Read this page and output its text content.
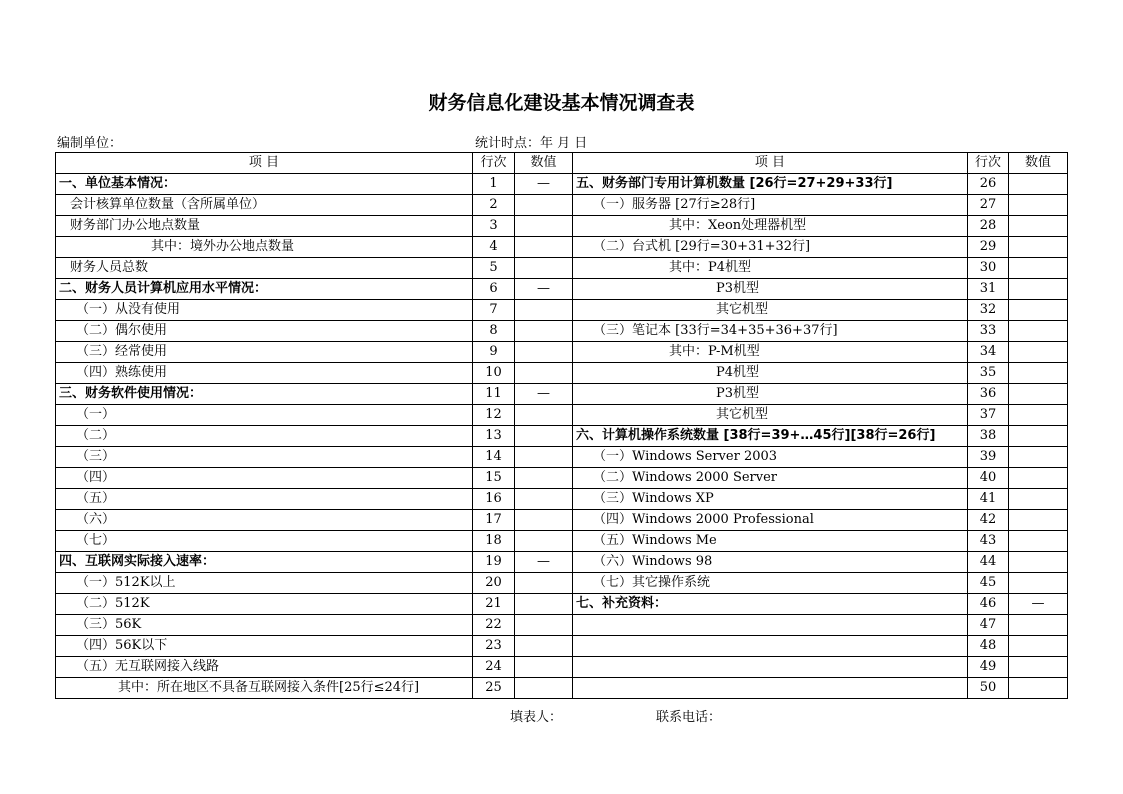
财务信息化建设基本情况调查表
编制单位：	统计时点：年 月 日
项 目	行次	数值	项 目	行次	数值
一、单位基本情况：	1	—	五、财务部门专用计算机数量 [26行=27+29+33行]	26	
会计核算单位数量（含所属单位）	2		（一）服务器 [27行≥28行]	27	
财务部门办公地点数量	3		其中：Xeon处理器机型	28	
其中：境外办公地点数量	4		（二）台式机 [29行=30+31+32行]	29	
财务人员总数	5		其中：P4机型	30	
二、财务人员计算机应用水平情况：	6	—	P3机型	31	
（一）从没有使用	7		其它机型	32	
（二）偶尔使用	8		（三）笔记本 [33行=34+35+36+37行]	33	
（三）经常使用	9		其中：P-M机型	34	
（四）熟练使用	10		P4机型	35	
三、财务软件使用情况：	11	—	P3机型	36	
（一）	12		其它机型	37	
（二）	13		六、计算机操作系统数量 [38行=39+…45行][38行=26行]	38	
（三）	14		（一）Windows Server 2003	39	
（四）	15		（二）Windows 2000 Server	40	
（五）	16		（三）Windows XP	41	
（六）	17		（四）Windows 2000 Professional	42	
（七）	18		（五）Windows Me	43	
四、互联网实际接入速率：	19	—	（六）Windows 98	44	
（一）512K以上	20		（七）其它操作系统	45	
（二）512K	21		七、补充资料：	46	—
（三）56K	22			47	
（四）56K以下	23			48	
（五）无互联网接入线路	24			49	
其中：所在地区不具备互联网接入条件[25行≤24行]	25			50	
填表人：	联系电话：
